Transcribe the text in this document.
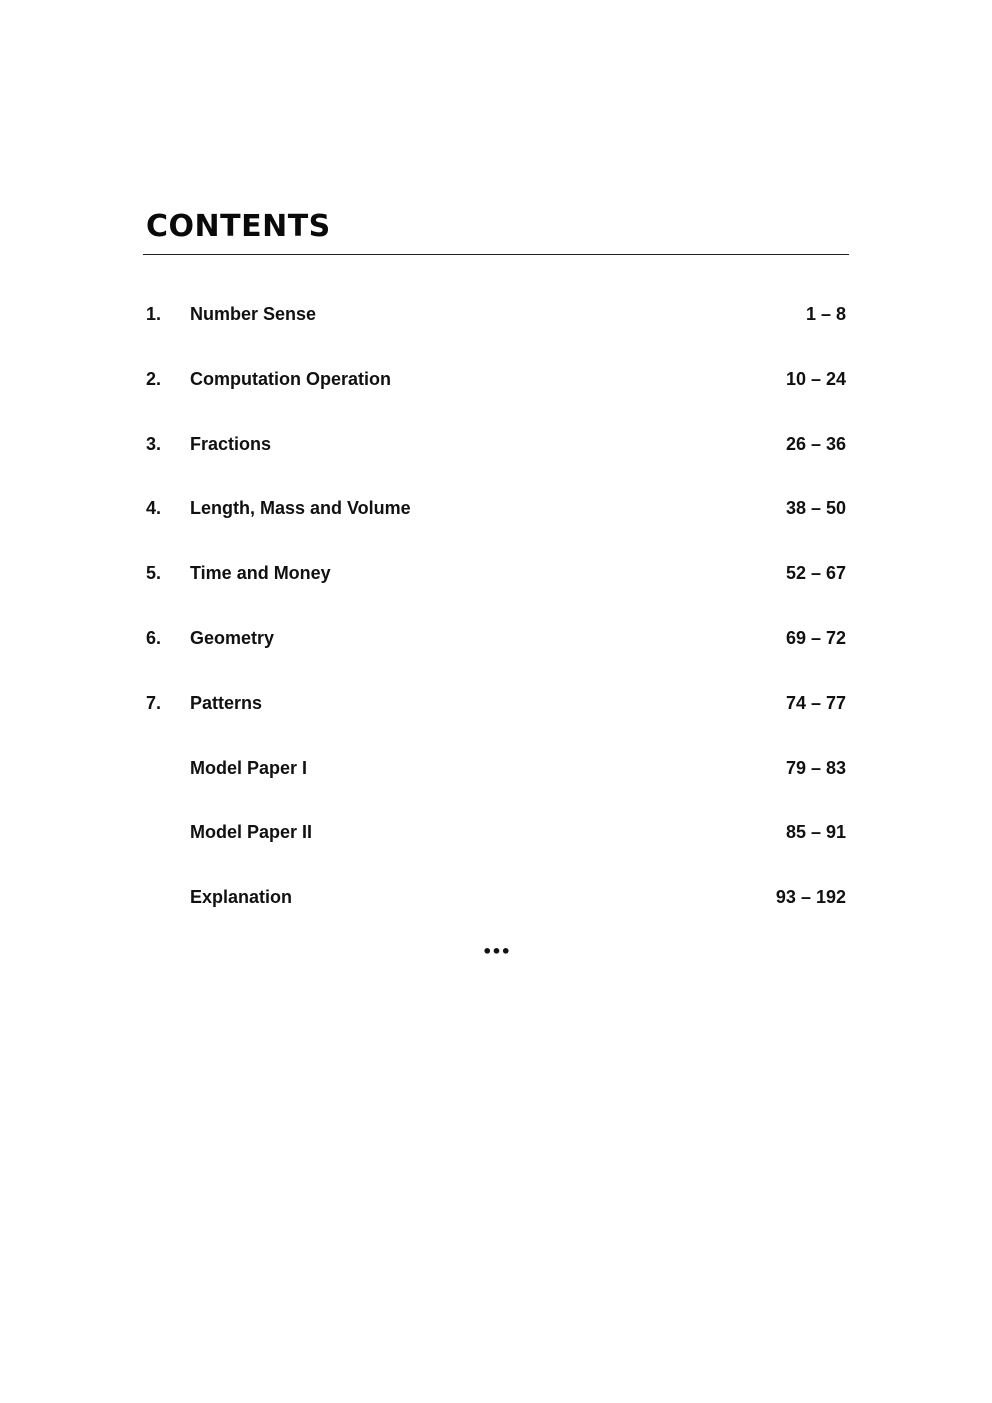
CONTENTS
1. Number Sense	1 – 8
2. Computation Operation	10 – 24
3. Fractions	26 – 36
4. Length, Mass and Volume	38 – 50
5. Time and Money	52 – 67
6. Geometry	69 – 72
7. Patterns	74 – 77
Model Paper I	79 – 83
Model Paper II	85 – 91
Explanation	93 – 192
•••
